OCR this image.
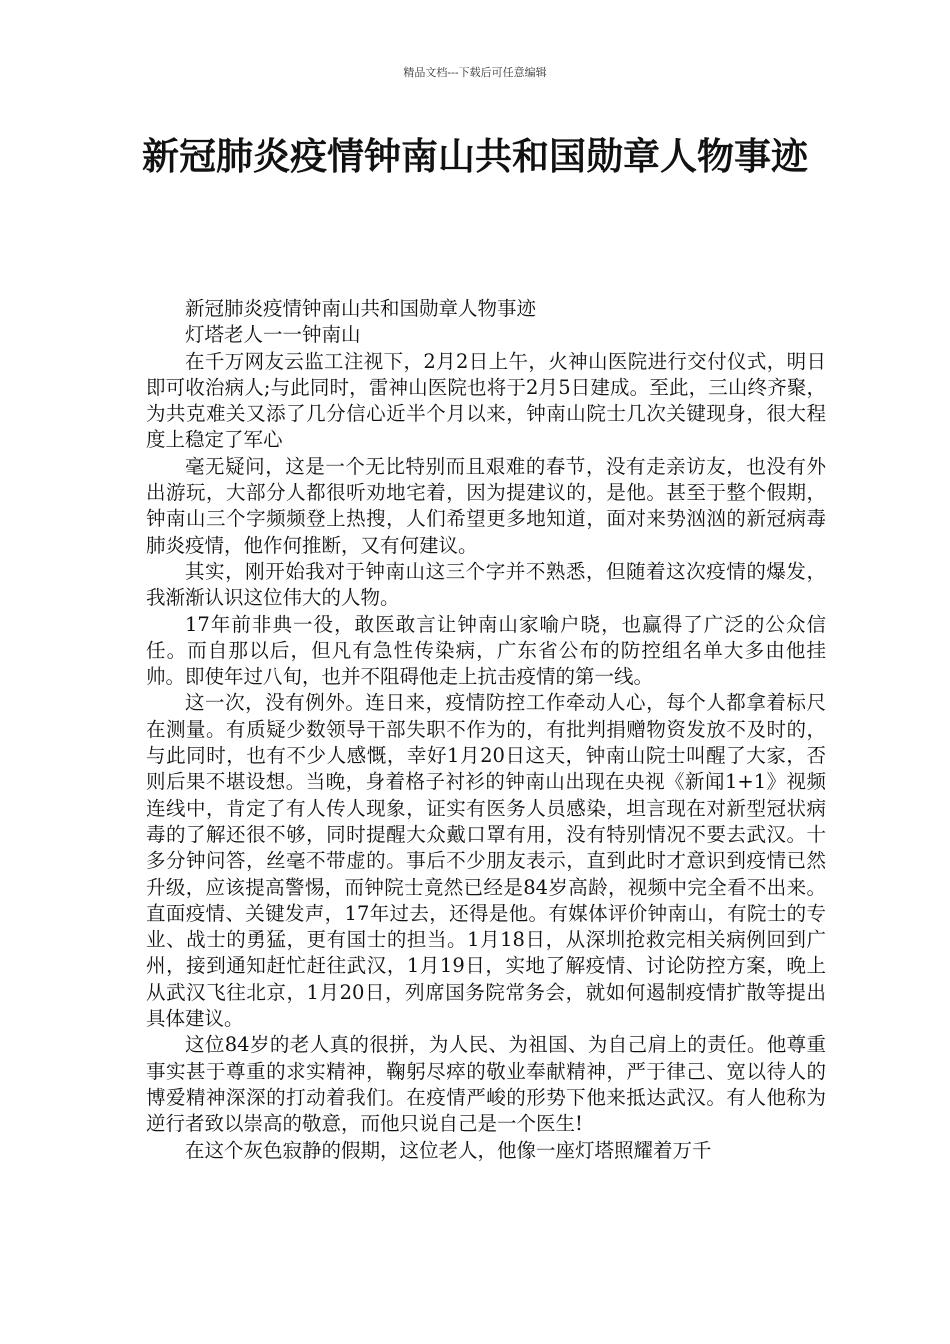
精品文档---下载后可任意编辑
新冠肺炎疫情钟南山共和国勋章人物事迹

新冠肺炎疫情钟南山共和国勋章人物事迹

灯塔老人一一钟南山

在千万网友云监工注视下，2月2日上午，火神山医院进行交付仪式，明日即可收治病人;与此同时，雷神山医院也将于2月5日建成。至此，三山终齐聚，为共克难关又添了几分信心近半个月以来，钟南山院士几次关键现身，很大程度上稳定了军心

毫无疑问，这是一个无比特别而且艰难的春节，没有走亲访友，也没有外出游玩，大部分人都很听劝地宅着，因为提建议的，是他。甚至于整个假期，钟南山三个字频频登上热搜，人们希望更多地知道，面对来势汹汹的新冠病毒肺炎疫情，他作何推断，又有何建议。

其实，刚开始我对于钟南山这三个字并不熟悉，但随着这次疫情的爆发，我渐渐认识这位伟大的人物。

17年前非典一役，敢医敢言让钟南山家喻户晓，也赢得了广泛的公众信任。而自那以后，但凡有急性传染病，广东省公布的防控组名单大多由他挂帅。即使年过八旬，也并不阻碍他走上抗击疫情的第一线。

这一次，没有例外。连日来，疫情防控工作牵动人心，每个人都拿着标尺在测量。有质疑少数领导干部失职不作为的，有批判捐赠物资发放不及时的，与此同时，也有不少人感慨，幸好1月20日这天，钟南山院士叫醒了大家，否则后果不堪设想。当晚，身着格子衬衫的钟南山出现在央视《新闻1+1》视频连线中，肯定了有人传人现象，证实有医务人员感染，坦言现在对新型冠状病毒的了解还很不够，同时提醒大众戴口罩有用，没有特别情况不要去武汉。十多分钟问答，丝毫不带虚的。事后不少朋友表示，直到此时才意识到疫情已然升级，应该提高警惕，而钟院士竟然已经是84岁高龄，视频中完全看不出来。直面疫情、关键发声，17年过去，还得是他。有媒体评价钟南山，有院士的专业、战士的勇猛，更有国士的担当。1月18日，从深圳抢救完相关病例回到广州，接到通知赶忙赶往武汉，1月19日，实地了解疫情、讨论防控方案，晚上从武汉飞往北京，1月20日，列席国务院常务会，就如何遏制疫情扩散等提出具体建议。

这位84岁的老人真的很拼，为人民、为祖国、为自己肩上的责任。他尊重事实甚于尊重的求实精神，鞠躬尽瘁的敬业奉献精神，严于律己、宽以待人的博爱精神深深的打动着我们。在疫情严峻的形势下他来抵达武汉。有人他称为逆行者致以崇高的敬意，而他只说自己是一个医生!

在这个灰色寂静的假期，这位老人，他像一座灯塔照耀着万千
